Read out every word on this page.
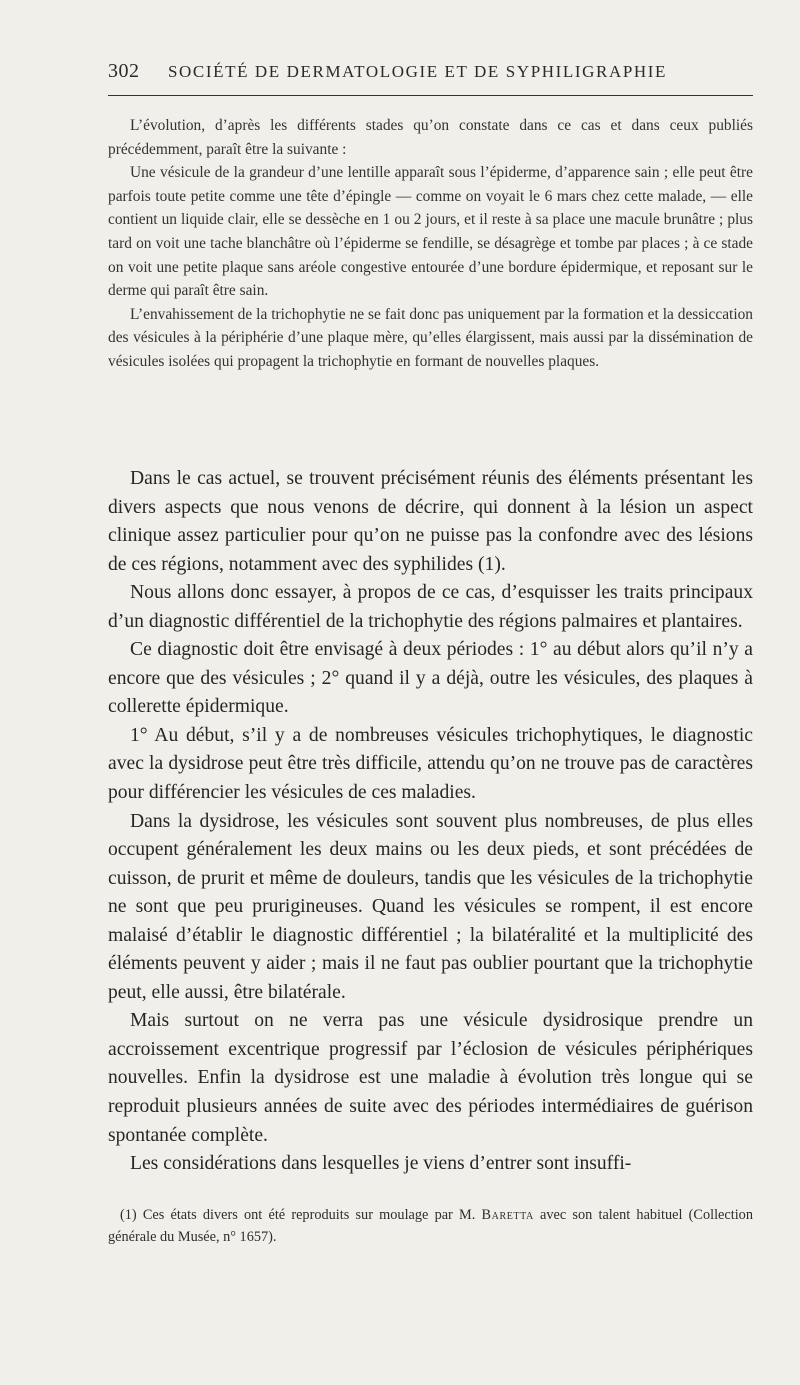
302 SOCIÉTÉ DE DERMATOLOGIE ET DE SYPHILIGRAPHIE

L’évolution, d’après les différents stades qu’on constate dans ce cas et dans ceux publiés précédemment, paraît être la suivante :

Une vésicule de la grandeur d’une lentille apparaît sous l’épiderme, d’apparence sain ; elle peut être parfois toute petite comme une tête d’épingle — comme on voyait le 6 mars chez cette malade, — elle contient un liquide clair, elle se dessèche en 1 ou 2 jours, et il reste à sa place une macule brunâtre ; plus tard on voit une tache blanchâtre où l’épiderme se fendille, se désagrège et tombe par places ; à ce stade on voit une petite plaque sans aréole congestive entourée d’une bordure épidermique, et reposant sur le derme qui paraît être sain.

L’envahissement de la trichophytie ne se fait donc pas uniquement par la formation et la dessiccation des vésicules à la périphérie d’une plaque mère, qu’elles élargissent, mais aussi par la dissémination de vésicules isolées qui propagent la trichophytie en formant de nouvelles plaques.

Dans le cas actuel, se trouvent précisément réunis des éléments présentant les divers aspects que nous venons de décrire, qui donnent à la lésion un aspect clinique assez particulier pour qu’on ne puisse pas la confondre avec des lésions de ces régions, notamment avec des syphilides (1).

Nous allons donc essayer, à propos de ce cas, d’esquisser les traits principaux d’un diagnostic différentiel de la trichophytie des régions palmaires et plantaires.

Ce diagnostic doit être envisagé à deux périodes : 1° au début alors qu’il n’y a encore que des vésicules ; 2° quand il y a déjà, outre les vésicules, des plaques à collerette épidermique.

1° Au début, s’il y a de nombreuses vésicules trichophytiques, le diagnostic avec la dysidrose peut être très difficile, attendu qu’on ne trouve pas de caractères pour différencier les vésicules de ces maladies.

Dans la dysidrose, les vésicules sont souvent plus nombreuses, de plus elles occupent généralement les deux mains ou les deux pieds, et sont précédées de cuisson, de prurit et même de douleurs, tandis que les vésicules de la trichophytie ne sont que peu prurigineuses. Quand les vésicules se rompent, il est encore malaisé d’établir le diagnostic différentiel ; la bilatéralité et la multiplicité des éléments peuvent y aider ; mais il ne faut pas oublier pourtant que la trichophytie peut, elle aussi, être bilatérale.

Mais surtout on ne verra pas une vésicule dysidrosique prendre un accroissement excentrique progressif par l’éclosion de vésicules périphériques nouvelles. Enfin la dysidrose est une maladie à évolution très longue qui se reproduit plusieurs années de suite avec des périodes intermédiaires de guérison spontanée complète.

Les considérations dans lesquelles je viens d’entrer sont insuffi-

(1) Ces états divers ont été reproduits sur moulage par M. Baretta avec son talent habituel (Collection générale du Musée, n° 1657).
